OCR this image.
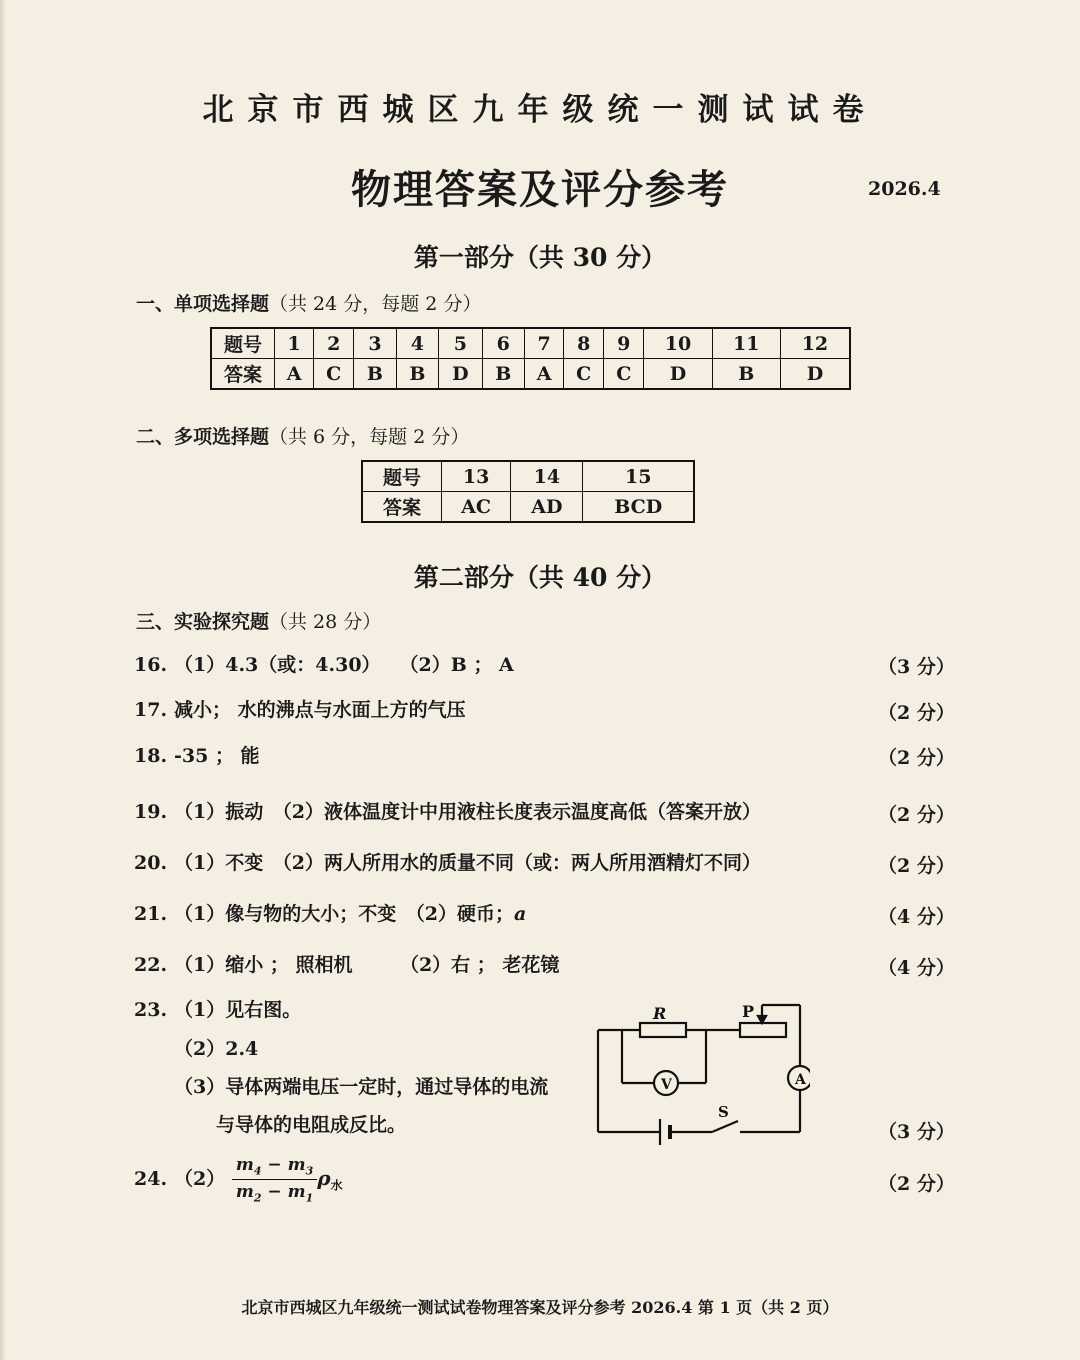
北京市西城区九年级统一测试试卷
物理答案及评分参考	2026.4
第一部分（共 30 分）
一、单项选择题（共 24 分，每题 2 分）
题号	1	2	3	4	5	6	7	8	9	10	11	12
答案	A	C	B	B	D	B	A	C	C	D	B	D
二、多项选择题（共 6 分，每题 2 分）
题号	13	14	15
答案	AC	AD	BCD
第二部分（共 40 分）
三、实验探究题（共 28 分）
16. （1）4.3（或：4.30）　　（2）B ； A	（3 分）
17. 减小； 水的沸点与水面上方的气压	（2 分）
18. -35 ； 能	（2 分）
19. （1）振动　（2）液体温度计中用液柱长度表示温度高低（答案开放）	（2 分）
20. （1）不变　（2）两人所用水的质量不同（或：两人所用酒精灯不同）	（2 分）
21. （1）像与物的大小；不变　（2）硬币；a	（4 分）
22. （1）缩小 ； 照相机　　　（2）右 ； 老花镜	（4 分）
23. （1）见右图。
（2）2.4
（3）导体两端电压一定时，通过导体的电流
与导体的电阻成反比。	（3 分）
R	P
V	A
S
24. $(2) \frac{m_4 - m_3}{m_2 - m_1} \rho_水$	（2 分）
北京市西城区九年级统一测试试卷物理答案及评分参考 2026.4 第 1 页（共 2 页）
